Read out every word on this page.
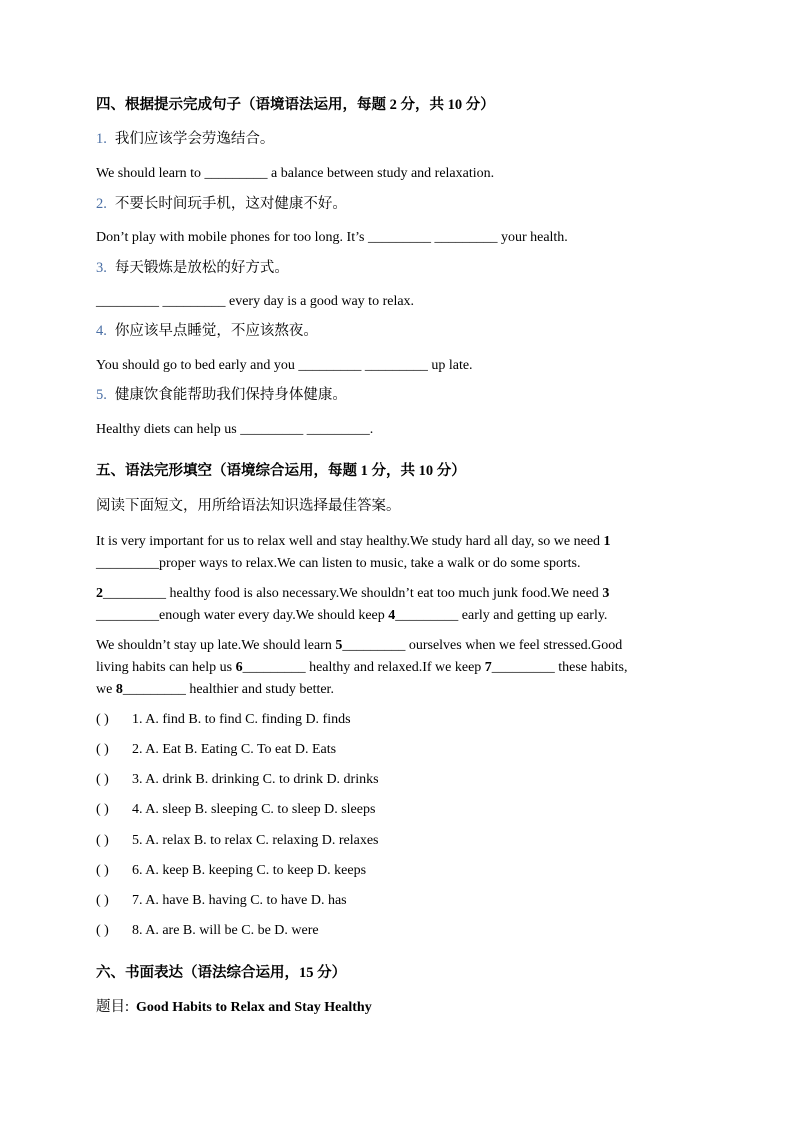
四、根据提示完成句子（语境语法运用，每题 2 分，共 10 分）
1. 我们应该学会劳逸结合。
We should learn to _________ a balance between study and relaxation.
2. 不要长时间玩手机，这对健康不好。
Don’t play with mobile phones for too long. It’s _________ _________ your health.
3. 每天锻炼是放松的好方式。
_________ _________ every day is a good way to relax.
4. 你应该早点睡觉，不应该熬夜。
You should go to bed early and you _________ _________ up late.
5. 健康饮食能帮助我们保持身体健康。
Healthy diets can help us _________ _________.
五、语法完形填空（语境综合运用，每题 1 分，共 10 分）
阅读下面短文，用所给语法知识选择最佳答案。
It is very important for us to relax well and stay healthy.We study hard all day, so we need 1
_________proper ways to relax.We can listen to music, take a walk or do some sports.
2_________ healthy food is also necessary.We shouldn’t eat too much junk food.We need 3
_________enough water every day.We should keep 4_________ early and getting up early.
We shouldn’t stay up late.We should learn 5_________ ourselves when we feel stressed.Good
living habits can help us 6_________ healthy and relaxed.If we keep 7_________ these habits,
we 8_________ healthier and study better.
( ) 1. A. find B. to find C. finding D. finds
( ) 2. A. Eat B. Eating C. To eat D. Eats
( ) 3. A. drink B. drinking C. to drink D. drinks
( ) 4. A. sleep B. sleeping C. to sleep D. sleeps
( ) 5. A. relax B. to relax C. relaxing D. relaxes
( ) 6. A. keep B. keeping C. to keep D. keeps
( ) 7. A. have B. having C. to have D. has
( ) 8. A. are B. will be C. be D. were
六、书面表达（语法综合运用，15 分）
题目: Good Habits to Relax and Stay Healthy
